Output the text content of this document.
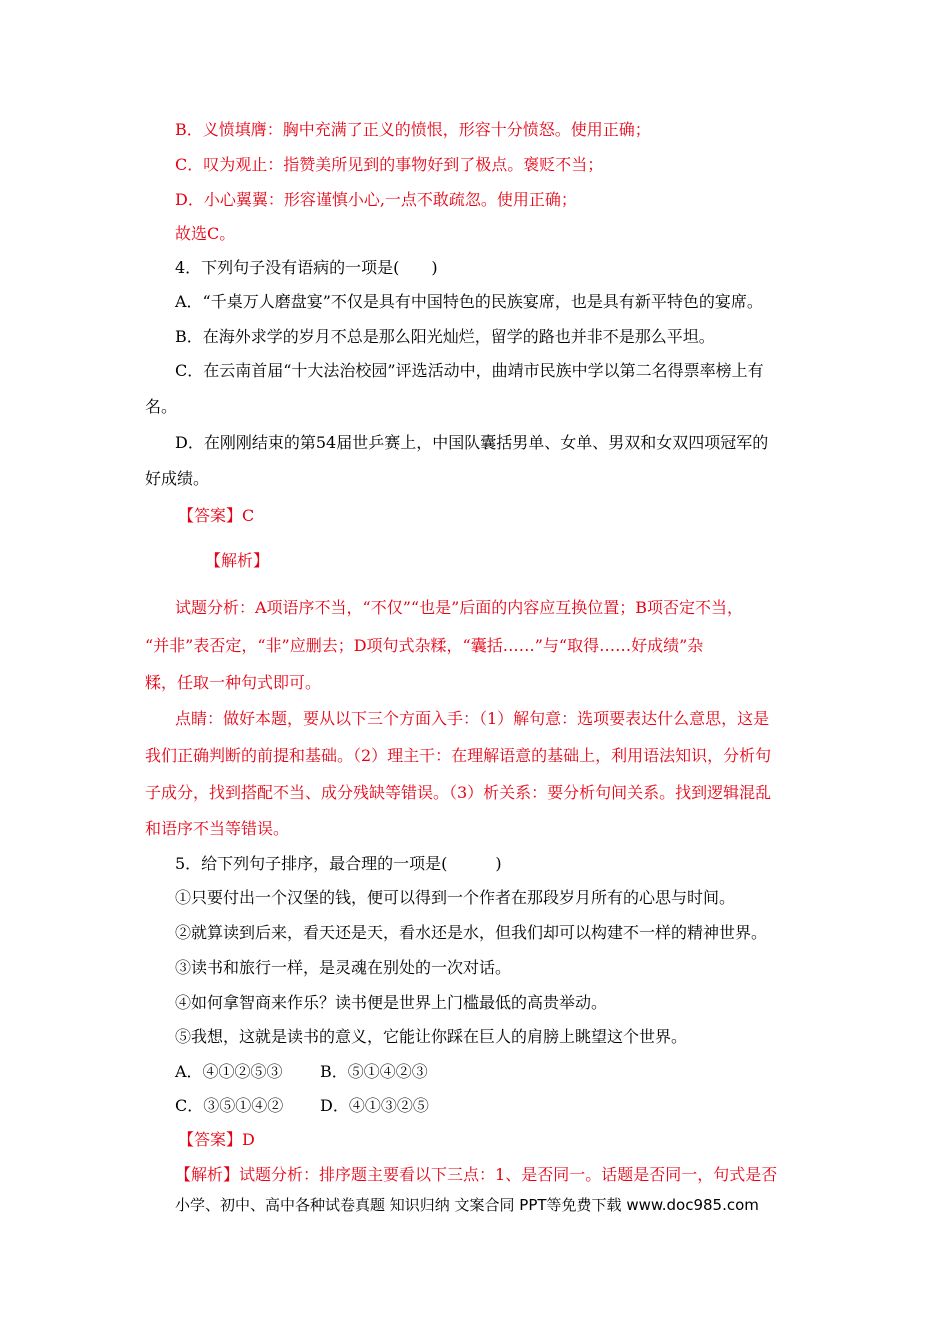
B．义愤填膺：胸中充满了正义的愤恨，形容十分愤怒。使用正确；
C．叹为观止：指赞美所见到的事物好到了极点。褒贬不当；
D．小心翼翼：形容谨慎小心,一点不敢疏忽。使用正确；
故选C。
4．下列句子没有语病的一项是(　　)
A．“千桌万人磨盘宴”不仅是具有中国特色的民族宴席，也是具有新平特色的宴席。
B．在海外求学的岁月不总是那么阳光灿烂，留学的路也并非不是那么平坦。
C．在云南首届“十大法治校园”评选活动中，曲靖市民族中学以第二名得票率榜上有
名。
D．在刚刚结束的第54届世乒赛上，中国队囊括男单、女单、男双和女双四项冠军的
好成绩。
【答案】C
【解析】
试题分析：A项语序不当，“不仅”“也是”后面的内容应互换位置；B项否定不当，
“并非”表否定，“非”应删去；D项句式杂糅，“囊括……”与“取得……好成绩”杂
糅，任取一种句式即可。
点睛：做好本题，要从以下三个方面入手：（1）解句意：选项要表达什么意思，这是
我们正确判断的前提和基础。（2）理主干：在理解语意的基础上，利用语法知识，分析句
子成分，找到搭配不当、成分残缺等错误。（3）析关系：要分析句间关系。找到逻辑混乱
和语序不当等错误。
5．给下列句子排序，最合理的一项是(　　　)
①只要付出一个汉堡的钱，便可以得到一个作者在那段岁月所有的心思与时间。
②就算读到后来，看天还是天，看水还是水，但我们却可以构建不一样的精神世界。
③读书和旅行一样，是灵魂在别处的一次对话。
④如何拿智商来作乐？读书便是世界上门槛最低的高贵举动。
⑤我想，这就是读书的意义，它能让你踩在巨人的肩膀上眺望这个世界。
A．④①②⑤③ B．⑤①④②③
C．③⑤①④② D．④①③②⑤
【答案】D
【解析】试题分析：排序题主要看以下三点：1、是否同一。话题是否同一，句式是否
小学、初中、高中各种试卷真题 知识归纳 文案合同 PPT等免费下载 www.doc985.com
